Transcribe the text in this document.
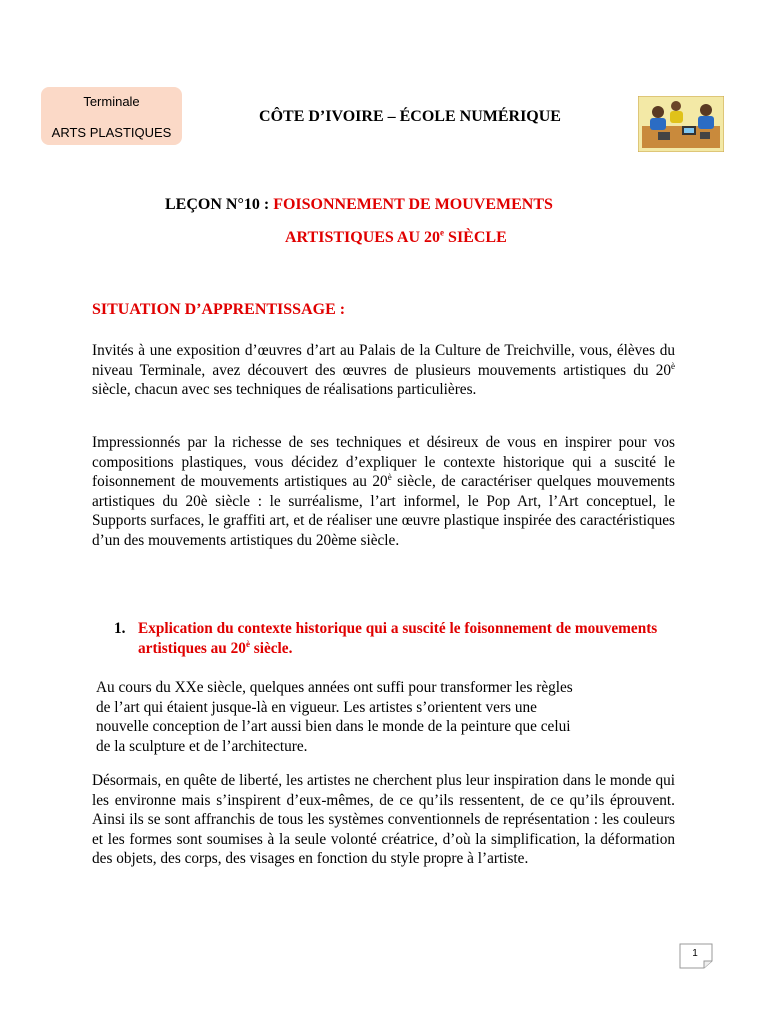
Terminale
ARTS PLASTIQUES
CÔTE D’IVOIRE – ÉCOLE NUMÉRIQUE
LEÇON N°10 : FOISONNEMENT DE MOUVEMENTS
ARTISTIQUES AU 20e SIÈCLE
SITUATION D’APPRENTISSAGE :
Invités à une exposition d’œuvres d’art au Palais de la Culture de Treichville, vous, élèves du niveau Terminale, avez découvert des œuvres de plusieurs mouvements artistiques du $20^è$ siècle, chacun avec ses techniques de réalisations particulières.
Impressionnés par la richesse de ses techniques et désireux de vous en inspirer pour vos compositions plastiques, vous décidez d’expliquer le contexte historique qui a suscité le foisonnement de mouvements artistiques au $20^è$ siècle, de caractériser quelques mouvements artistiques du 20è siècle : le surréalisme, l’art informel, le Pop Art, l’Art conceptuel, le Supports surfaces, le graffiti art, et de réaliser une œuvre plastique inspirée des caractéristiques d’un des mouvements artistiques du 20ème siècle.
1. Explication du contexte historique qui a suscité le foisonnement de mouvements artistiques au $20^è$ siècle.
Au cours du XXe siècle, quelques années ont suffi pour transformer les règles
de l’art qui étaient jusque-là en vigueur. Les artistes s’orientent vers une
nouvelle conception de l’art aussi bien dans le monde de la peinture que celui
de la sculpture et de l’architecture.
Désormais, en quête de liberté, les artistes ne cherchent plus leur inspiration dans le monde qui les environne mais s’inspirent d’eux-mêmes, de ce qu’ils ressentent, de ce qu’ils éprouvent. Ainsi ils se sont affranchis de tous les systèmes conventionnels de représentation : les couleurs et les formes sont soumises à la seule volonté créatrice, d’où la simplification, la déformation des objets, des corps, des visages en fonction du style propre à l’artiste.
1
